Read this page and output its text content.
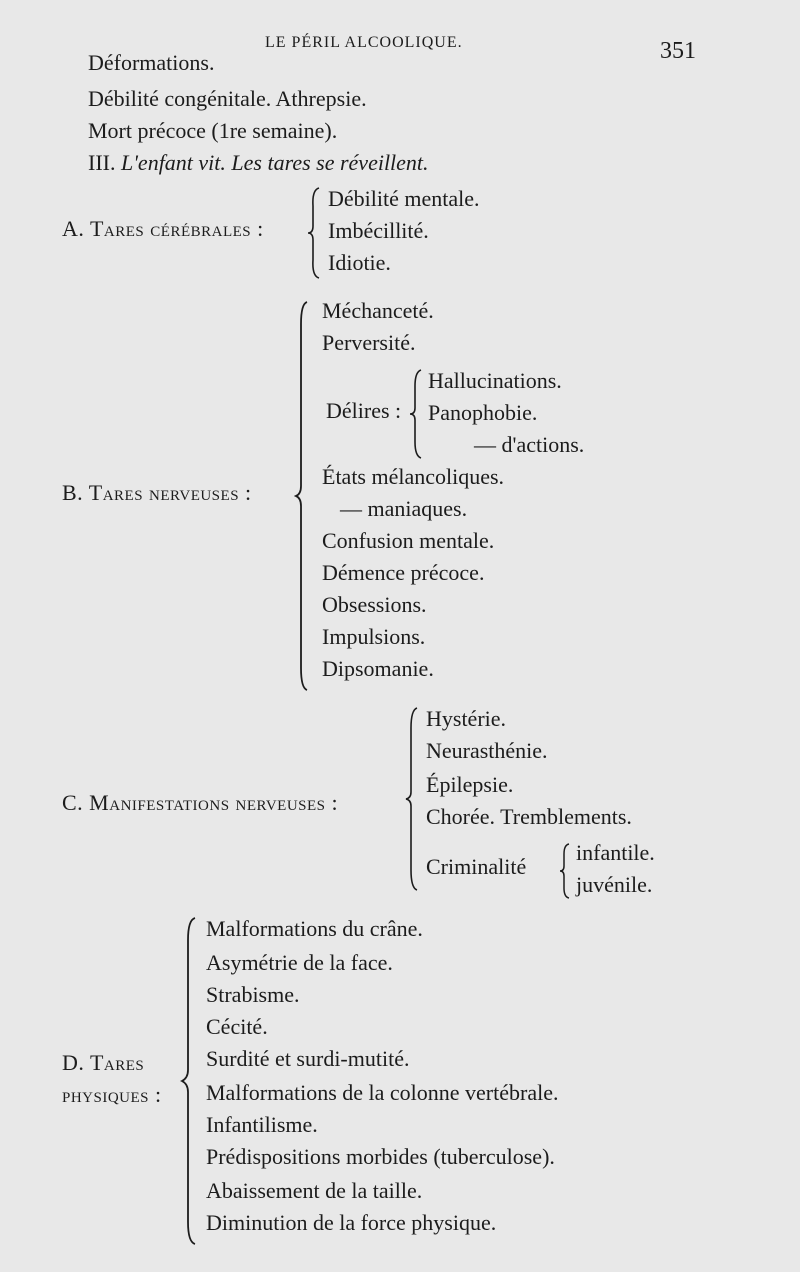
LE PÉRIL ALCOOLIQUE.	351
Déformations.
Débilité congénitale. Athrepsie.
Mort précoce (1re semaine).
III. L'enfant vit. Les tares se réveillent.
A. Tares cérébrales :
Débilité mentale.
Imbécillité.
Idiotie.
B. Tares nerveuses :
Méchanceté.
Perversité.
Délires :
Hallucinations.
Panophobie.
— d'actions.
États mélancoliques.
— maniaques.
Confusion mentale.
Démence précoce.
Obsessions.
Impulsions.
Dipsomanie.
C. Manifestations nerveuses :
Hystérie.
Neurasthénie.
Épilepsie.
Chorée. Tremblements.
Criminalité
infantile.
juvénile.
D. Tares
physiques :
Malformations du crâne.
Asymétrie de la face.
Strabisme.
Cécité.
Surdité et surdi-mutité.
Malformations de la colonne vertébrale.
Infantilisme.
Prédispositions morbides (tuberculose).
Abaissement de la taille.
Diminution de la force physique.
